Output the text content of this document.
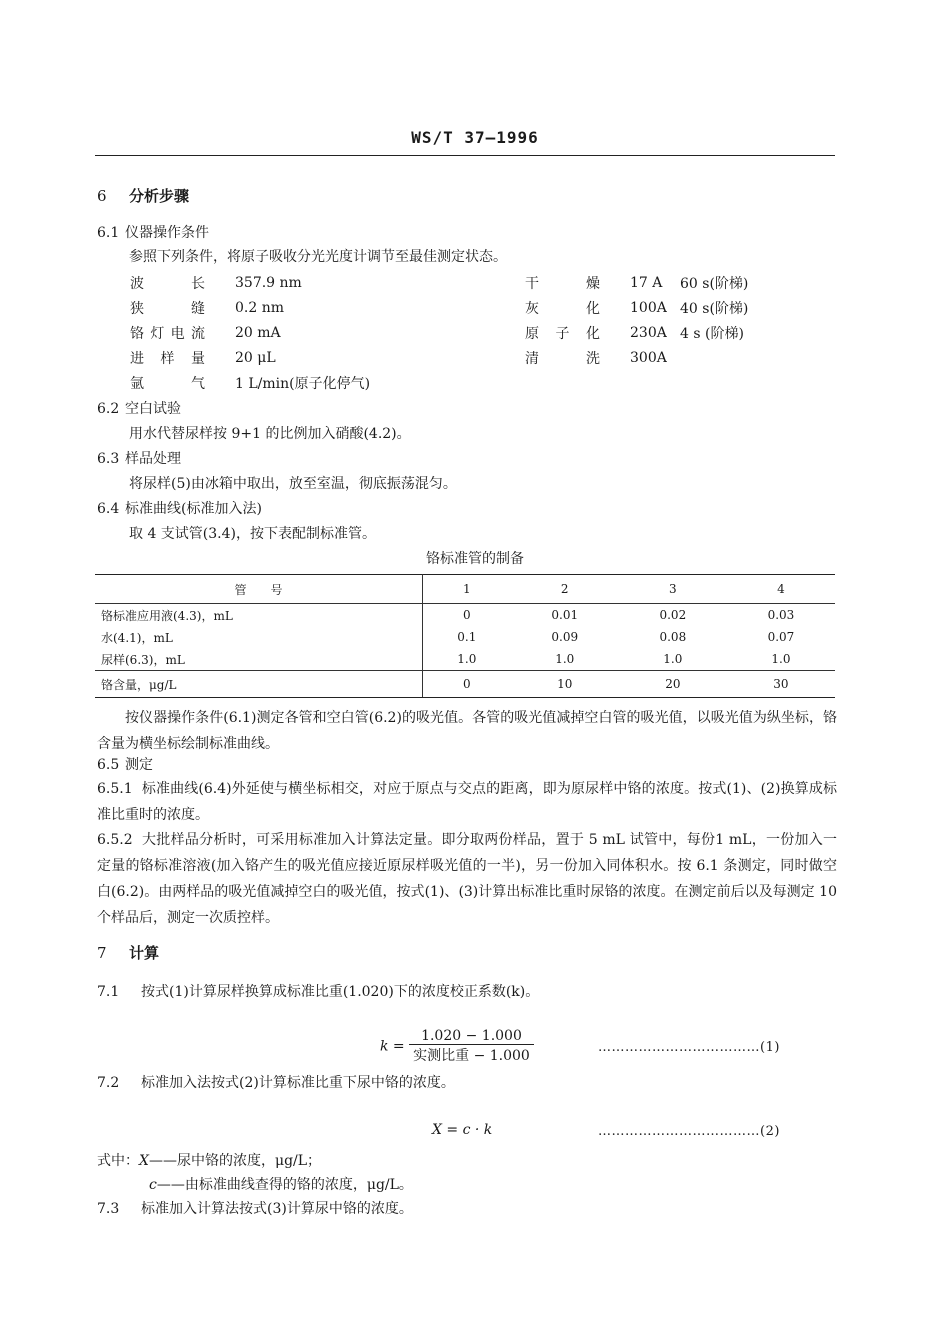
WS/T 37—1996
6 分析步骤
6.1 仪器操作条件
参照下列条件，将原子吸收分光光度计调节至最佳测定状态。
波长		357.9 nm		干燥		17 A	60 s(阶梯)
狭缝		0.2 nm		灰化		100A	40 s(阶梯)
铬灯电流		20 mA		原子化		230A	4 s (阶梯)
进样量		20 μL		清洗		300A	
氩气		1 L/min(原子化停气)					
6.2 空白试验
用水代替尿样按 9+1 的比例加入硝酸(4.2)。
6.3 样品处理
将尿样(5)由冰箱中取出，放至室温，彻底振荡混匀。
6.4 标准曲线(标准加入法)
取 4 支试管(3.4)，按下表配制标准管。
铬标准管的制备
管　　号	1	2	3	4
铬标准应用液(4.3)，mL	0	0.01	0.02	0.03
水(4.1)，mL	0.1	0.09	0.08	0.07
尿样(6.3)，mL	1.0	1.0	1.0	1.0
铬含量，μg/L	0	10	20	30
按仪器操作条件(6.1)测定各管和空白管(6.2)的吸光值。各管的吸光值减掉空白管的吸光值，以吸光值为纵坐标，铬含量为横坐标绘制标准曲线。
6.5 测定
6.5.1 标准曲线(6.4)外延使与横坐标相交，对应于原点与交点的距离，即为原尿样中铬的浓度。按式(1)、(2)换算成标准比重时的浓度。
6.5.2 大批样品分析时，可采用标准加入计算法定量。即分取两份样品，置于 5 mL 试管中，每份1 mL，一份加入一定量的铬标准溶液(加入铬产生的吸光值应接近原尿样吸光值的一半)，另一份加入同体积水。按 6.1 条测定，同时做空白(6.2)。由两样品的吸光值减掉空白的吸光值，按式(1)、(3)计算出标准比重时尿铬的浓度。在测定前后以及每测定 10 个样品后，测定一次质控样。
7 计算
7.1 按式(1)计算尿样换算成标准比重(1.020)下的浓度校正系数(k)。
$k = \frac{1.020 - 1.000}{\text{实测比重 − 1.000}}$	………………………………(1)
7.2 标准加入法按式(2)计算标准比重下尿中铬的浓度。
X = c · k	………………………………(2)
式中：X——尿中铬的浓度，μg/L；
c——由标准曲线查得的铬的浓度，μg/L。
7.3 标准加入计算法按式(3)计算尿中铬的浓度。
